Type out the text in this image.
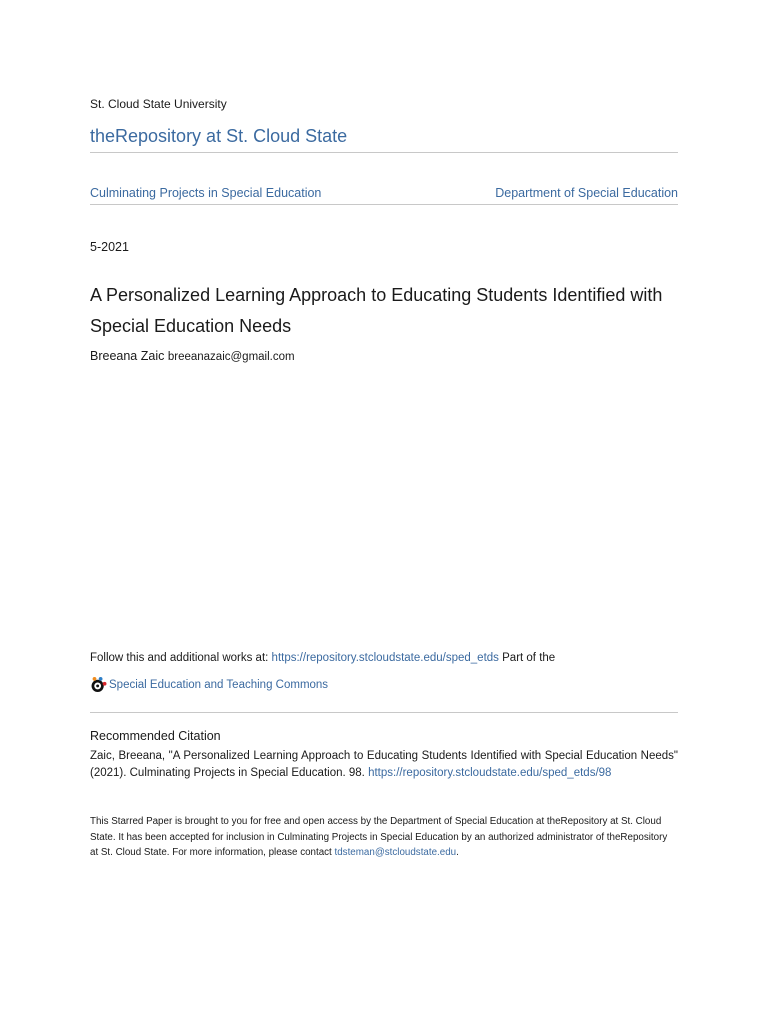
St. Cloud State University
theRepository at St. Cloud State
Culminating Projects in Special Education	Department of Special Education
5-2021
A Personalized Learning Approach to Educating Students Identified with Special Education Needs
Breeana Zaic breeanazaic@gmail.com
Follow this and additional works at: https://repository.stcloudstate.edu/sped_etds Part of the
Special Education and Teaching Commons
Recommended Citation
Zaic, Breeana, "A Personalized Learning Approach to Educating Students Identified with Special Education Needs" (2021). Culminating Projects in Special Education. 98. https://repository.stcloudstate.edu/sped_etds/98
This Starred Paper is brought to you for free and open access by the Department of Special Education at theRepository at St. Cloud State. It has been accepted for inclusion in Culminating Projects in Special Education by an authorized administrator of theRepository at St. Cloud State. For more information, please contact tdsteman@stcloudstate.edu.
